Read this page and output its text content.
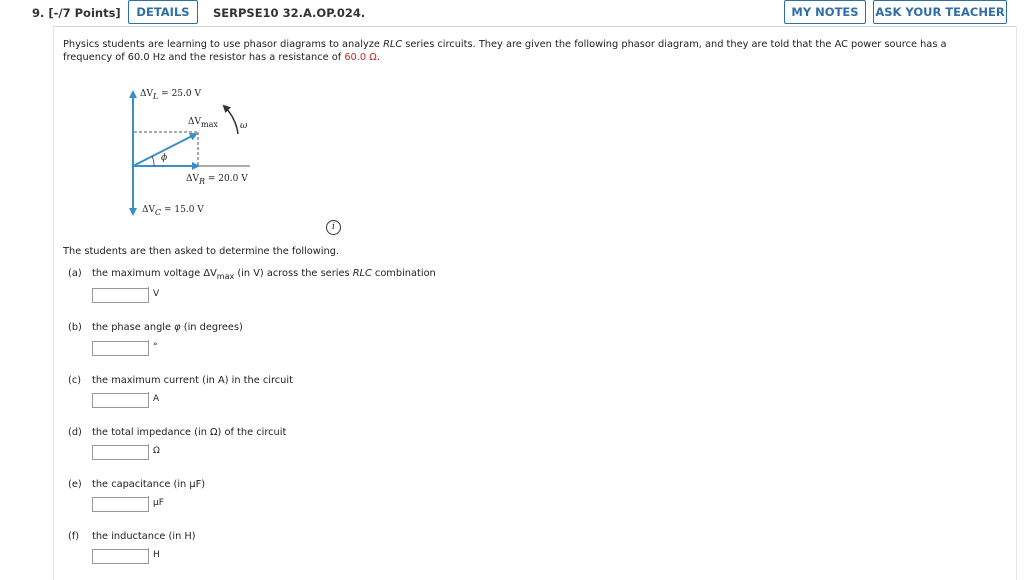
9. [-/7 Points]	DETAILS	SERPSE10 32.A.OP.024.	MY NOTES	ASK YOUR TEACHER
Physics students are learning to use phasor diagrams to analyze RLC series circuits. They are given the following phasor diagram, and they are told that the AC power source has a frequency of 60.0 Hz and the resistor has a resistance of 60.0 Ω.
$\Delta V_L = 25.0$ V
$\Delta V_{max}$ ω
ϕ
$\Delta V_R = 20.0$ V
$\Delta V_C = 15.0$ V
i
The students are then asked to determine the following.
(a) the maximum voltage $\Delta V_{max}$ (in V) across the series RLC combination
V
(b) the phase angle φ (in degrees)
°
(c) the maximum current (in A) in the circuit
A
(d) the total impedance (in Ω) of the circuit
Ω
(e) the capacitance (in µF)
µF
(f) the inductance (in H)
H
